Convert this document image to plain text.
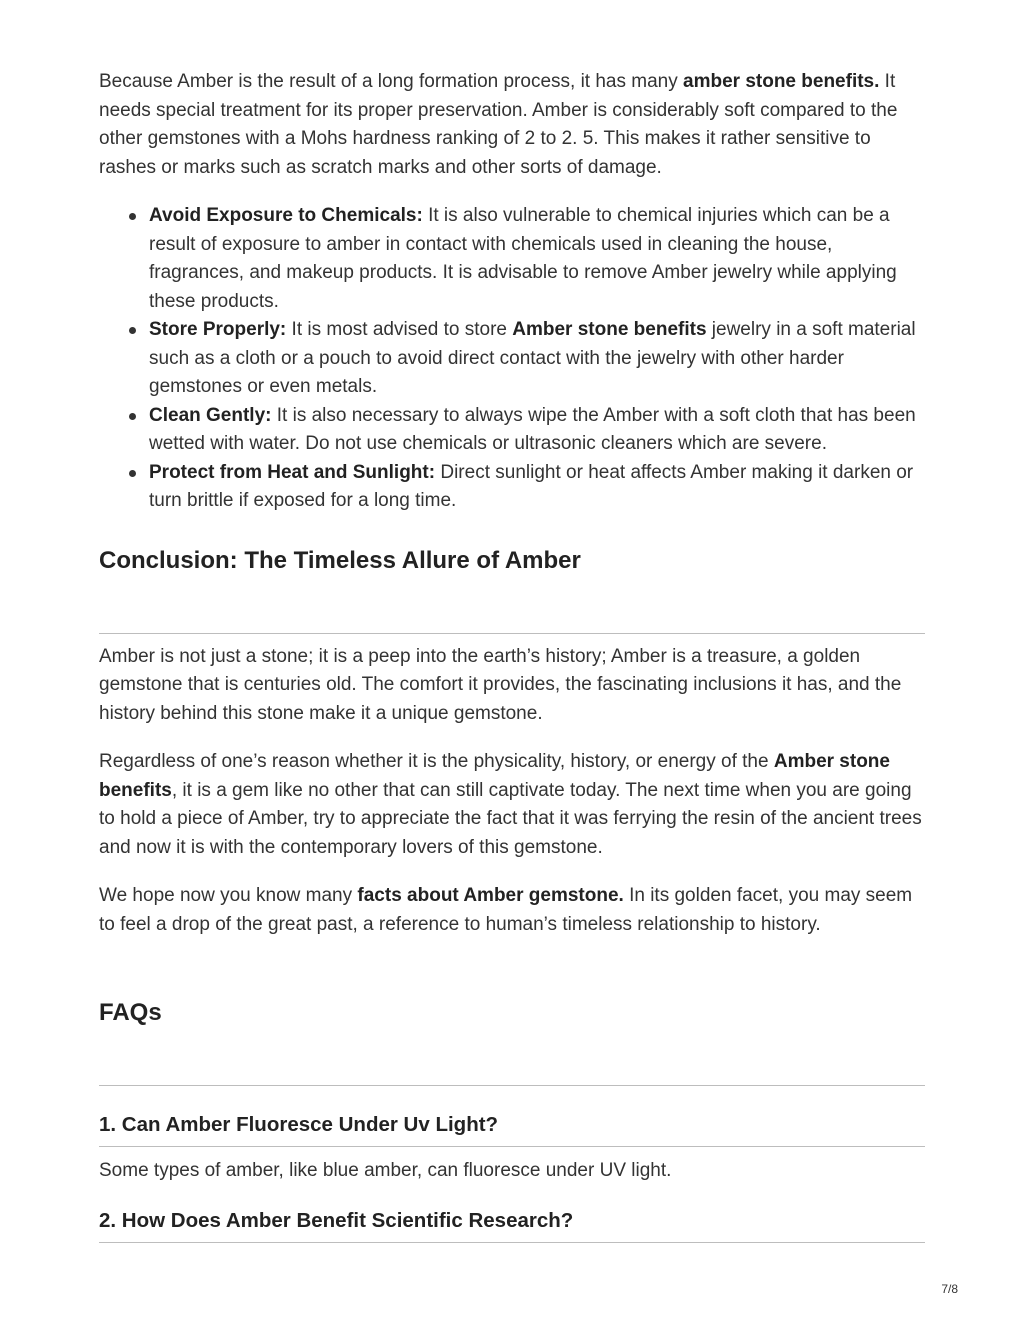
Because Amber is the result of a long formation process, it has many amber stone benefits. It needs special treatment for its proper preservation. Amber is considerably soft compared to the other gemstones with a Mohs hardness ranking of 2 to 2. 5. This makes it rather sensitive to rashes or marks such as scratch marks and other sorts of damage.

Avoid Exposure to Chemicals: It is also vulnerable to chemical injuries which can be a result of exposure to amber in contact with chemicals used in cleaning the house, fragrances, and makeup products. It is advisable to remove Amber jewelry while applying these products.
Store Properly: It is most advised to store Amber stone benefits jewelry in a soft material such as a cloth or a pouch to avoid direct contact with the jewelry with other harder gemstones or even metals.
Clean Gently: It is also necessary to always wipe the Amber with a soft cloth that has been wetted with water. Do not use chemicals or ultrasonic cleaners which are severe.
Protect from Heat and Sunlight: Direct sunlight or heat affects Amber making it darken or turn brittle if exposed for a long time.
Conclusion: The Timeless Allure of Amber

Amber is not just a stone; it is a peep into the earth’s history; Amber is a treasure, a golden gemstone that is centuries old. The comfort it provides, the fascinating inclusions it has, and the history behind this stone make it a unique gemstone.

Regardless of one’s reason whether it is the physicality, history, or energy of the Amber stone benefits, it is a gem like no other that can still captivate today. The next time when you are going to hold a piece of Amber, try to appreciate the fact that it was ferrying the resin of the ancient trees and now it is with the contemporary lovers of this gemstone.

We hope now you know many facts about Amber gemstone. In its golden facet, you may seem to feel a drop of the great past, a reference to human’s timeless relationship to history.

FAQs
1. Can Amber Fluoresce Under Uv Light?

Some types of amber, like blue amber, can fluoresce under UV light.

2. How Does Amber Benefit Scientific Research?
7/8
